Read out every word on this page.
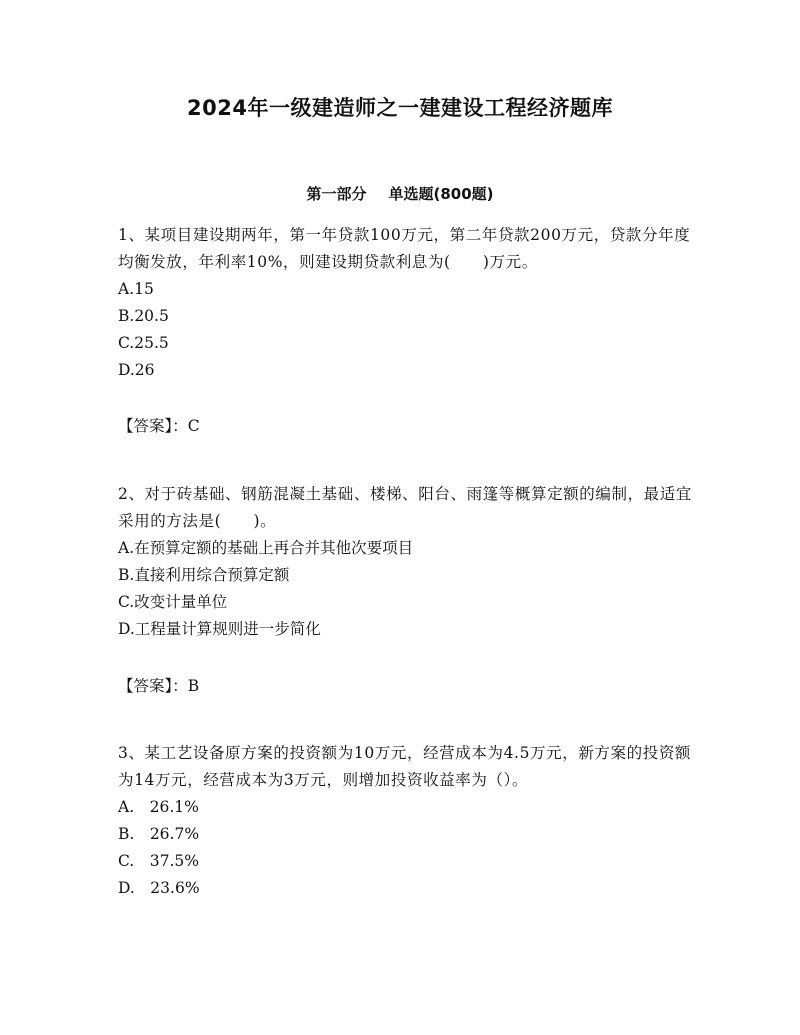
2024年一级建造师之一建建设工程经济题库
第一部分 单选题(800题)

1、某项目建设期两年，第一年贷款100万元，第二年贷款200万元，贷款分年度均衡发放，年利率10%，则建设期贷款利息为(　　)万元。

A.15
B.20.5
C.25.5
D.26
【答案】：C

2、对于砖基础、钢筋混凝土基础、楼梯、阳台、雨篷等概算定额的编制，最适宜采用的方法是(　　)。

A.在预算定额的基础上再合并其他次要项目
B.直接利用综合预算定额
C.改变计量单位
D.工程量计算规则进一步简化
【答案】：B

3、某工艺设备原方案的投资额为10万元，经营成本为4.5万元，新方案的投资额为14万元，经营成本为3万元，则增加投资收益率为（）。

A.　26.1%
B.　26.7%
C.　37.5%
D.　23.6%
